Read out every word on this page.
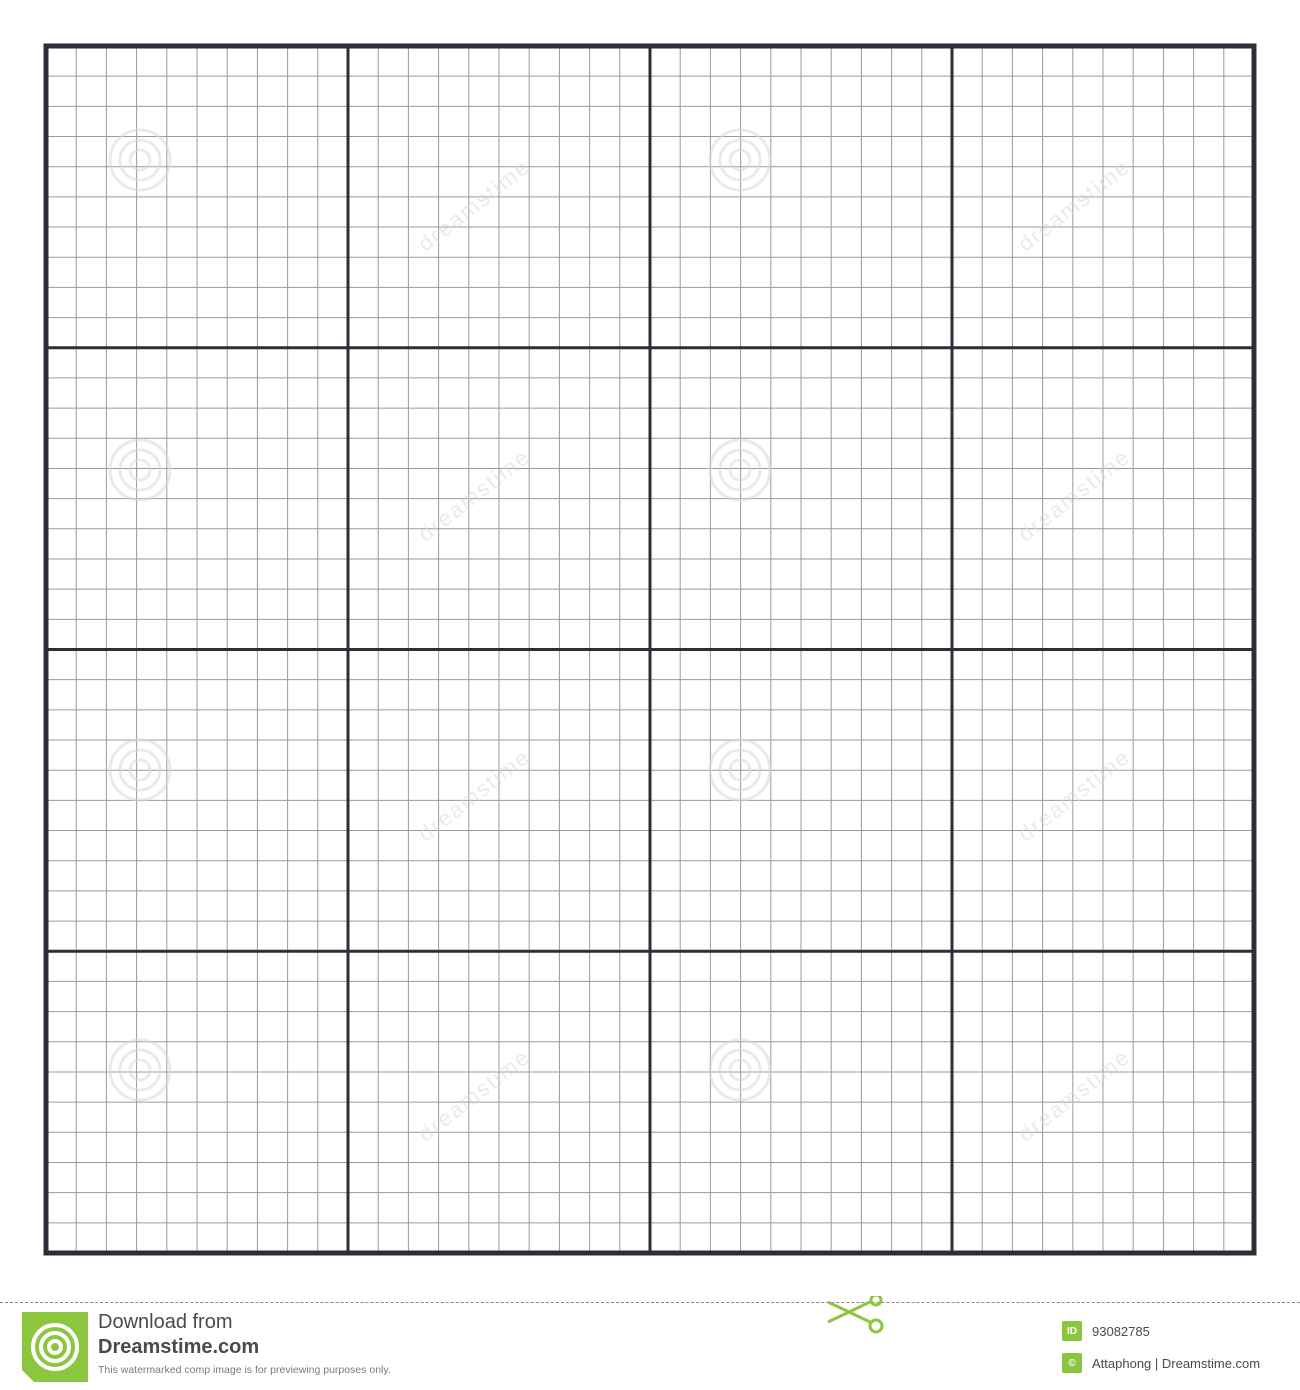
dreamstime	dreamstime
dreamstime	dreamstime
dreamstime	dreamstime
dreamstime	dreamstime
Download from
Dreamstime.com
This watermarked comp image is for previewing purposes only.
ID	93082785
©	Attaphong | Dreamstime.com
